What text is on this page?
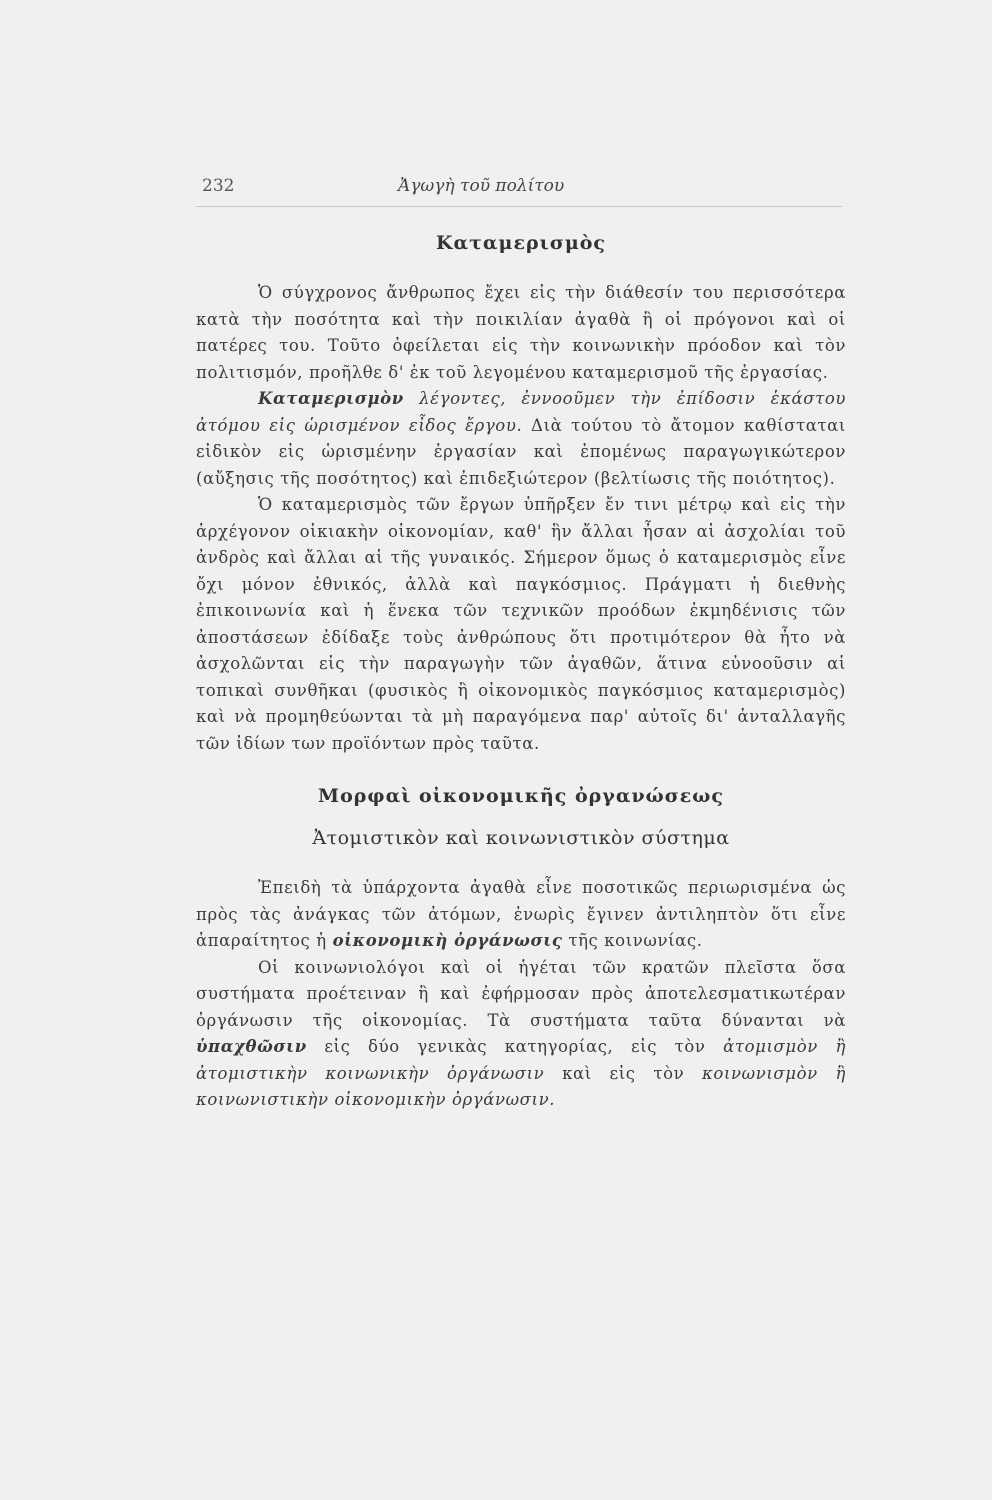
232	Ἀγωγὴ τοῦ πολίτου
Καταμερισμὸς

Ὁ σύγχρονος ἄνθρωπος ἔχει εἰς τὴν διάθεσίν του περισσότερα κατὰ τὴν ποσότητα καὶ τὴν ποικιλίαν ἀγαθὰ ἢ οἱ πρόγονοι καὶ οἱ πατέρες του. Τοῦτο ὀφείλεται εἰς τὴν κοινωνικὴν πρόοδον καὶ τὸν πολιτισμόν, προῆλθε δ' ἐκ τοῦ λεγομένου καταμερισμοῦ τῆς ἐργασίας.

Καταμερισμὸν λέγοντες, ἐννοοῦμεν τὴν ἐπίδοσιν ἑκάστου ἀτόμου εἰς ὡρισμένον εἶδος ἔργου. Διὰ τούτου τὸ ἄτομον καθίσταται εἰδικὸν εἰς ὡρισμένην ἐργασίαν καὶ ἑπομένως παραγωγικώτερον (αὔξησις τῆς ποσότητος) καὶ ἐπιδεξιώτερον (βελτίωσις τῆς ποιότητος).

Ὁ καταμερισμὸς τῶν ἔργων ὑπῆρξεν ἔν τινι μέτρῳ καὶ εἰς τὴν ἀρχέγονον οἰκιακὴν οἰκονομίαν, καθ' ἣν ἄλλαι ἦσαν αἱ ἀσχολίαι τοῦ ἀνδρὸς καὶ ἄλλαι αἱ τῆς γυναικός. Σήμερον ὅμως ὁ καταμερισμὸς εἶνε ὄχι μόνον ἐθνικός, ἀλλὰ καὶ παγκόσμιος. Πράγματι ἡ διεθνὴς ἐπικοινωνία καὶ ἡ ἕνεκα τῶν τεχνικῶν προόδων ἐκμηδένισις τῶν ἀποστάσεων ἐδίδαξε τοὺς ἀνθρώπους ὅτι προτιμότερον θὰ ἦτο νὰ ἀσχολῶνται εἰς τὴν παραγωγὴν τῶν ἀγαθῶν, ἅτινα εὐνοοῦσιν αἱ τοπικαὶ συνθῆκαι (φυσικὸς ἢ οἰκονομικὸς παγκόσμιος καταμερισμὸς) καὶ νὰ προμηθεύωνται τὰ μὴ παραγόμενα παρ' αὐτοῖς δι' ἀνταλλαγῆς τῶν ἰδίων των προϊόντων πρὸς ταῦτα.

Μορφαὶ οἰκονομικῆς ὀργανώσεως
Ἀτομιστικὸν καὶ κοινωνιστικὸν σύστημα

Ἐπειδὴ τὰ ὑπάρχοντα ἀγαθὰ εἶνε ποσοτικῶς περιωρισμένα ὡς πρὸς τὰς ἀνάγκας τῶν ἀτόμων, ἐνωρὶς ἔγινεν ἀντιληπτὸν ὅτι εἶνε ἀπαραίτητος ἡ οἰκονομικὴ ὀργάνωσις τῆς κοινωνίας.

Οἱ κοινωνιολόγοι καὶ οἱ ἡγέται τῶν κρατῶν πλεῖστα ὅσα συστήματα προέτειναν ἢ καὶ ἐφήρμοσαν πρὸς ἀποτελεσματικωτέραν ὀργάνωσιν τῆς οἰκονομίας. Τὰ συστήματα ταῦτα δύνανται νὰ ὑπαχθῶσιν εἰς δύο γενικὰς κατηγορίας, εἰς τὸν ἀτομισμὸν ἢ ἀτομιστικὴν κοινωνικὴν ὀργάνωσιν καὶ εἰς τὸν κοινωνισμὸν ἢ κοινωνιστικὴν οἰκονομικὴν ὀργάνωσιν.
